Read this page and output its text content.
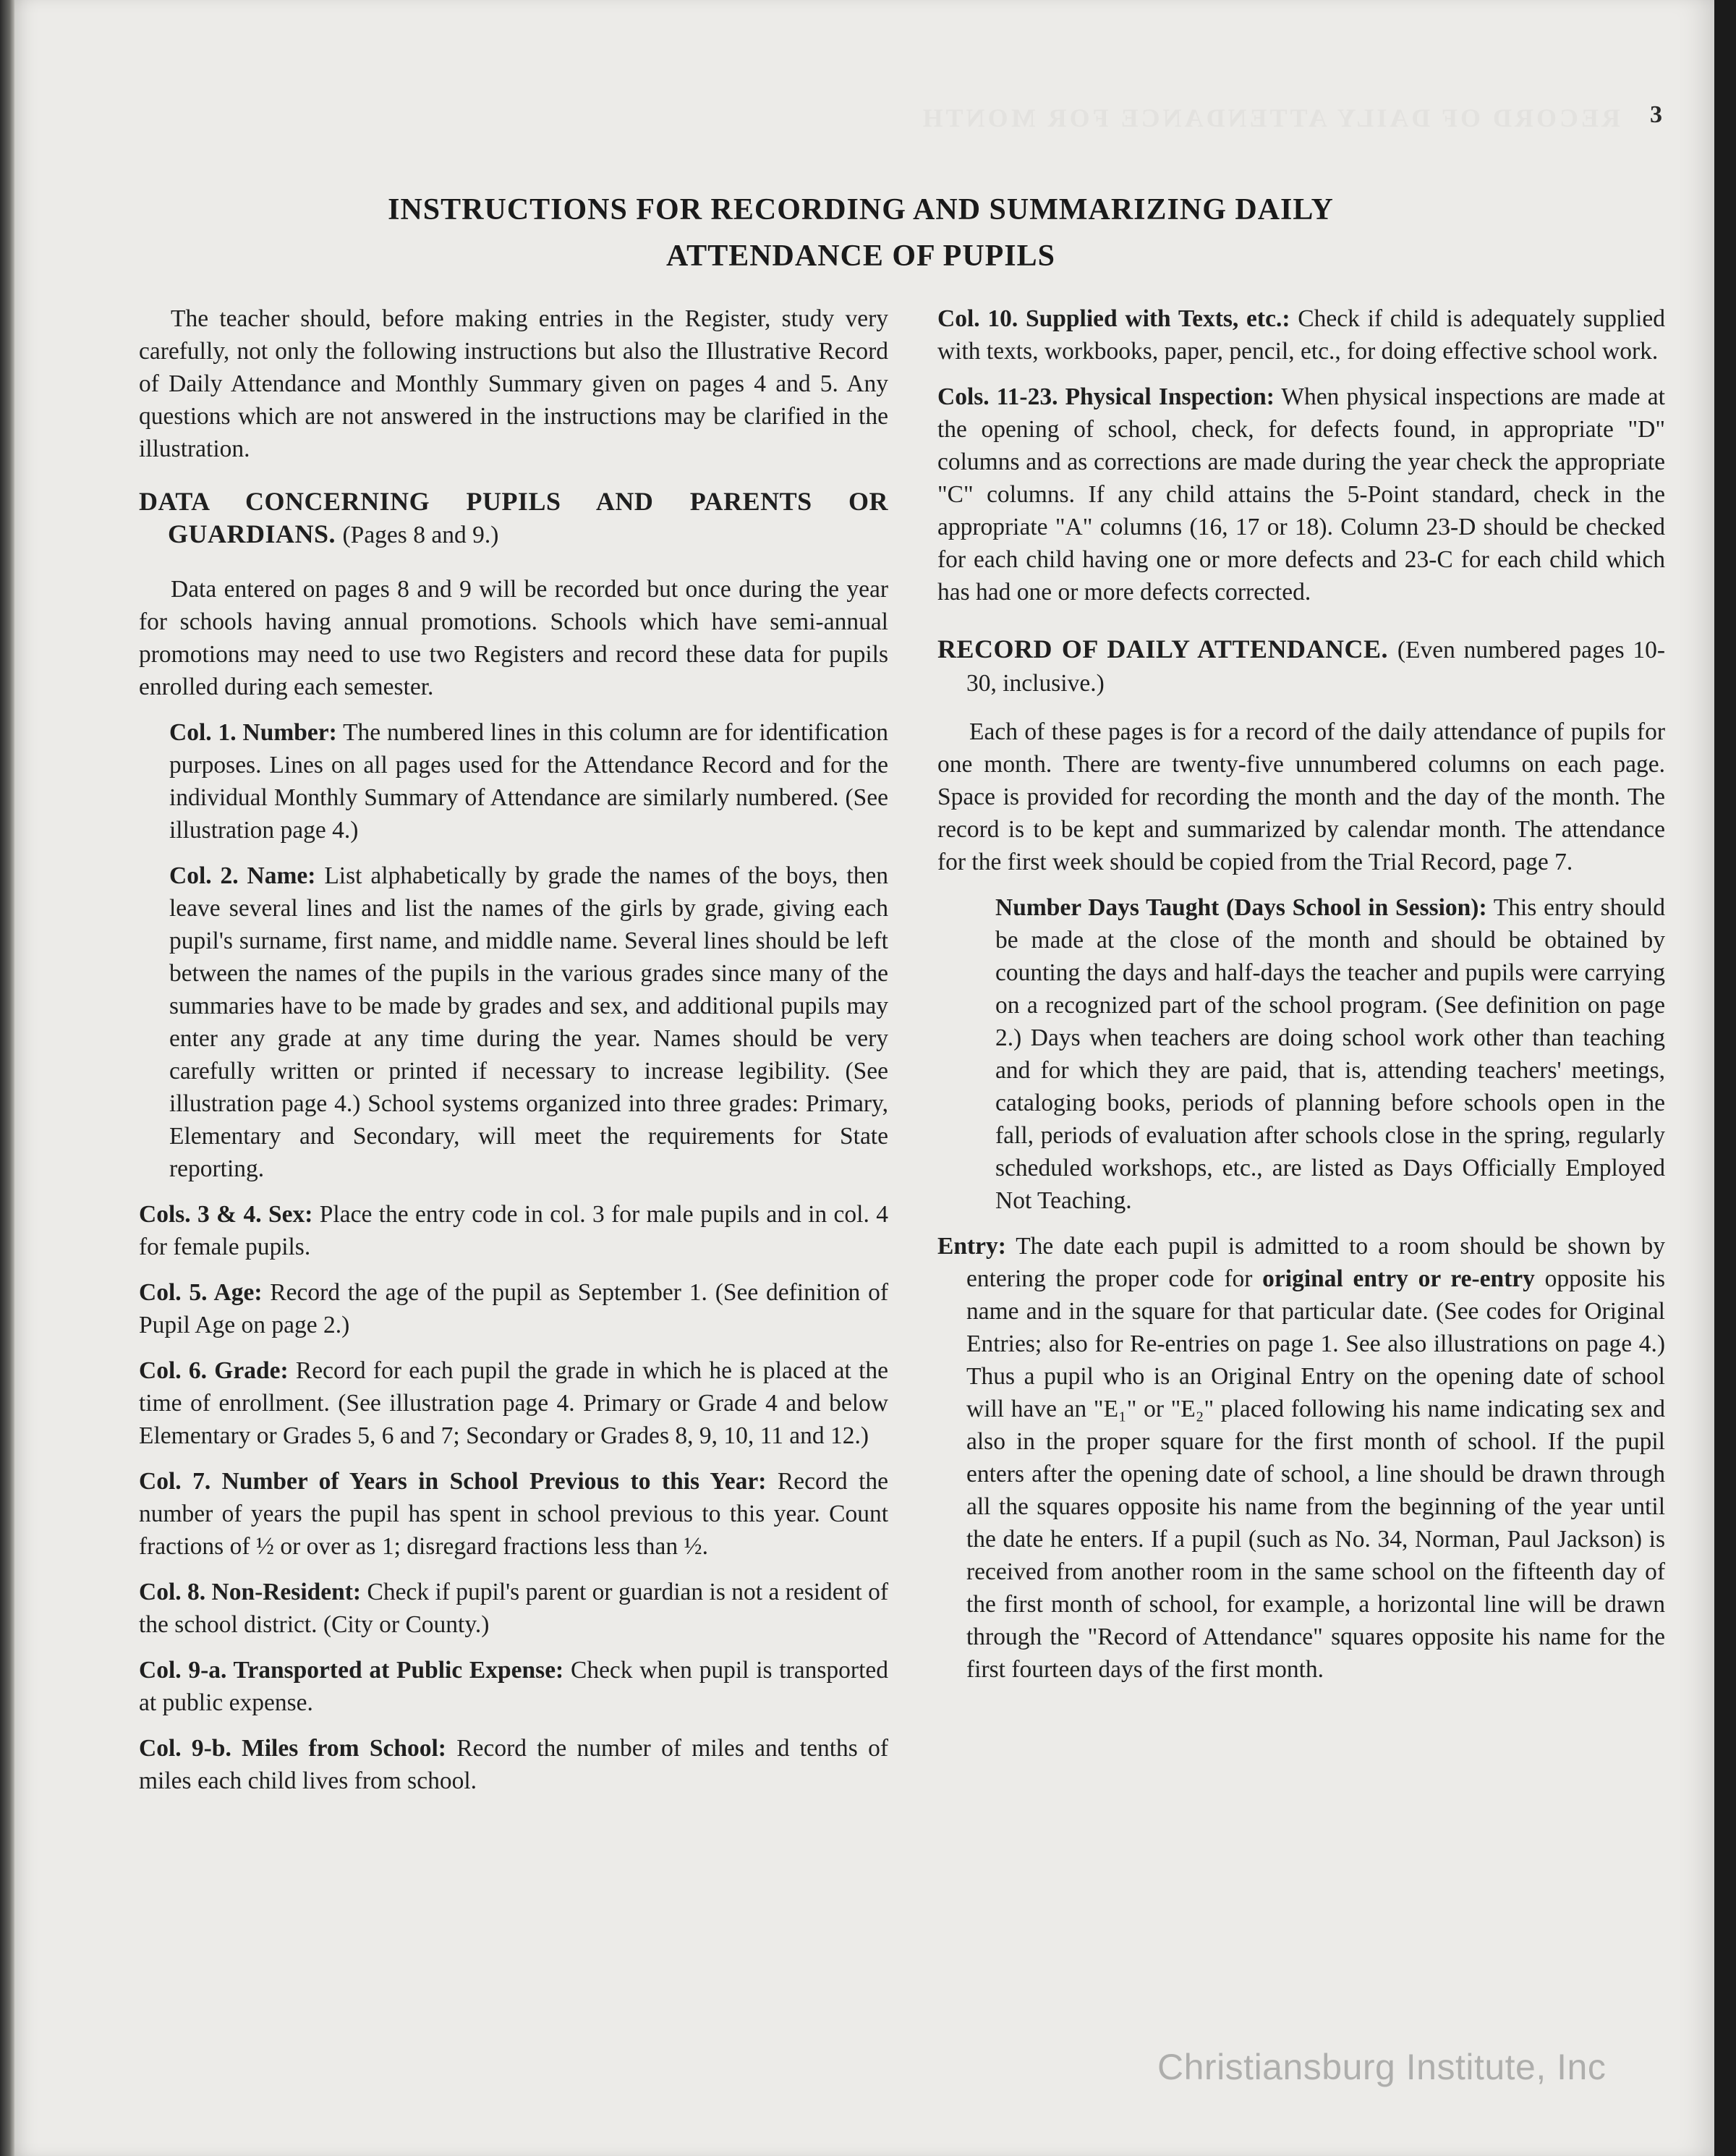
RECORD OF DAILY ATTENDANCE FOR MONTH 3
INSTRUCTIONS FOR RECORDING AND SUMMARIZING DAILY
ATTENDANCE OF PUPILS

The teacher should, before making entries in the Register, study very carefully, not only the following instructions but also the Illustrative Record of Daily Attendance and Monthly Summary given on pages 4 and 5. Any questions which are not answered in the instructions may be clarified in the illustration.

DATA CONCERNING PUPILS AND PARENTS OR GUARDIANS. (Pages 8 and 9.)

Data entered on pages 8 and 9 will be recorded but once during the year for schools having annual promotions. Schools which have semi-annual promotions may need to use two Registers and record these data for pupils enrolled during each semester.

Col. 1. Number: The numbered lines in this column are for identification purposes. Lines on all pages used for the Attendance Record and for the individual Monthly Summary of Attendance are similarly numbered. (See illustration page 4.)

Col. 2. Name: List alphabetically by grade the names of the boys, then leave several lines and list the names of the girls by grade, giving each pupil's surname, first name, and middle name. Several lines should be left between the names of the pupils in the various grades since many of the summaries have to be made by grades and sex, and additional pupils may enter any grade at any time during the year. Names should be very carefully written or printed if necessary to increase legibility. (See illustration page 4.) School systems organized into three grades: Primary, Elementary and Secondary, will meet the requirements for State reporting.

Cols. 3 & 4. Sex: Place the entry code in col. 3 for male pupils and in col. 4 for female pupils.

Col. 5. Age: Record the age of the pupil as September 1. (See definition of Pupil Age on page 2.)

Col. 6. Grade: Record for each pupil the grade in which he is placed at the time of enrollment. (See illustration page 4. Primary or Grade 4 and below Elementary or Grades 5, 6 and 7; Secondary or Grades 8, 9, 10, 11 and 12.)

Col. 7. Number of Years in School Previous to this Year: Record the number of years the pupil has spent in school previous to this year. Count fractions of ½ or over as 1; disregard fractions less than ½.

Col. 8. Non-Resident: Check if pupil's parent or guardian is not a resident of the school district. (City or County.)

Col. 9-a. Transported at Public Expense: Check when pupil is transported at public expense.

Col. 9-b. Miles from School: Record the number of miles and tenths of miles each child lives from school.

Col. 10. Supplied with Texts, etc.: Check if child is adequately supplied with texts, workbooks, paper, pencil, etc., for doing effective school work.

Cols. 11-23. Physical Inspection: When physical inspections are made at the opening of school, check, for defects found, in appropriate "D" columns and as corrections are made during the year check the appropriate "C" columns. If any child attains the 5-Point standard, check in the appropriate "A" columns (16, 17 or 18). Column 23-D should be checked for each child having one or more defects and 23-C for each child which has had one or more defects corrected.

RECORD OF DAILY ATTENDANCE. (Even numbered pages 10-30, inclusive.)

Each of these pages is for a record of the daily attendance of pupils for one month. There are twenty-five unnumbered columns on each page. Space is provided for recording the month and the day of the month. The record is to be kept and summarized by calendar month. The attendance for the first week should be copied from the Trial Record, page 7.

Number Days Taught (Days School in Session): This entry should be made at the close of the month and should be obtained by counting the days and half-days the teacher and pupils were carrying on a recognized part of the school program. (See definition on page 2.) Days when teachers are doing school work other than teaching and for which they are paid, that is, attending teachers' meetings, cataloging books, periods of planning before schools open in the fall, periods of evaluation after schools close in the spring, regularly scheduled workshops, etc., are listed as Days Officially Employed Not Teaching.

Entry: The date each pupil is admitted to a room should be shown by entering the proper code for original entry or re-entry opposite his name and in the square for that particular date. (See codes for Original Entries; also for Re-entries on page 1. See also illustrations on page 4.) Thus a pupil who is an Original Entry on the opening date of school will have an "E₁" or "E₂" placed following his name indicating sex and also in the proper square for the first month of school. If the pupil enters after the opening date of school, a line should be drawn through all the squares opposite his name from the beginning of the year until the date he enters. If a pupil (such as No. 34, Norman, Paul Jackson) is received from another room in the same school on the fifteenth day of the first month of school, for example, a horizontal line will be drawn through the "Record of Attendance" squares opposite his name for the first fourteen days of the first month.

Christiansburg Institute, Inc
